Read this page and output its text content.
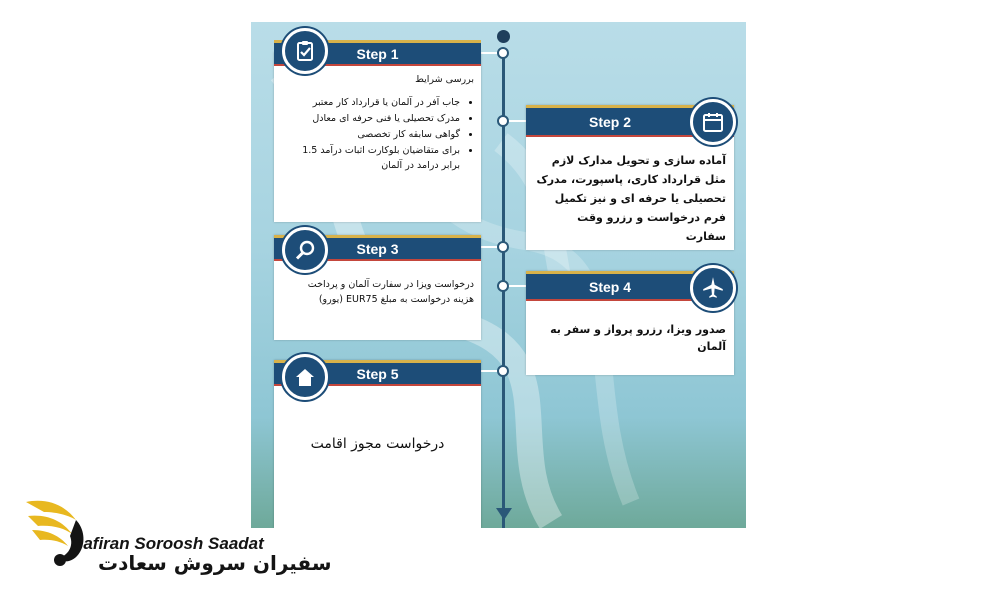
Step 1
بررسی شرایط
• جاب آفر در آلمان یا قرارداد کار معتبر
• مدرک تحصیلی یا فنی حرفه ای معادل
• گواهی سابقه کار تخصصی
• برای متقاضیان بلوکارت اثبات درآمد 1.5 برابر درامد در آلمان
Step 2
آماده سازی و تحویل مدارک لازم مثل قرارداد کاری، پاسپورت، مدرک تحصیلی یا حرفه ای و نیز تکمیل فرم درخواست و رزرو وقت سفارت
Step 3
درخواست ویزا در سفارت آلمان و پرداخت هزینه درخواست به مبلغ EUR75 (یورو)
Step 4
صدور ویزا، رزرو پرواز و سفر به آلمان
Step 5
درخواست مجوز اقامت
Safiran Soroosh Saadat
سفیران سروش سعادت
